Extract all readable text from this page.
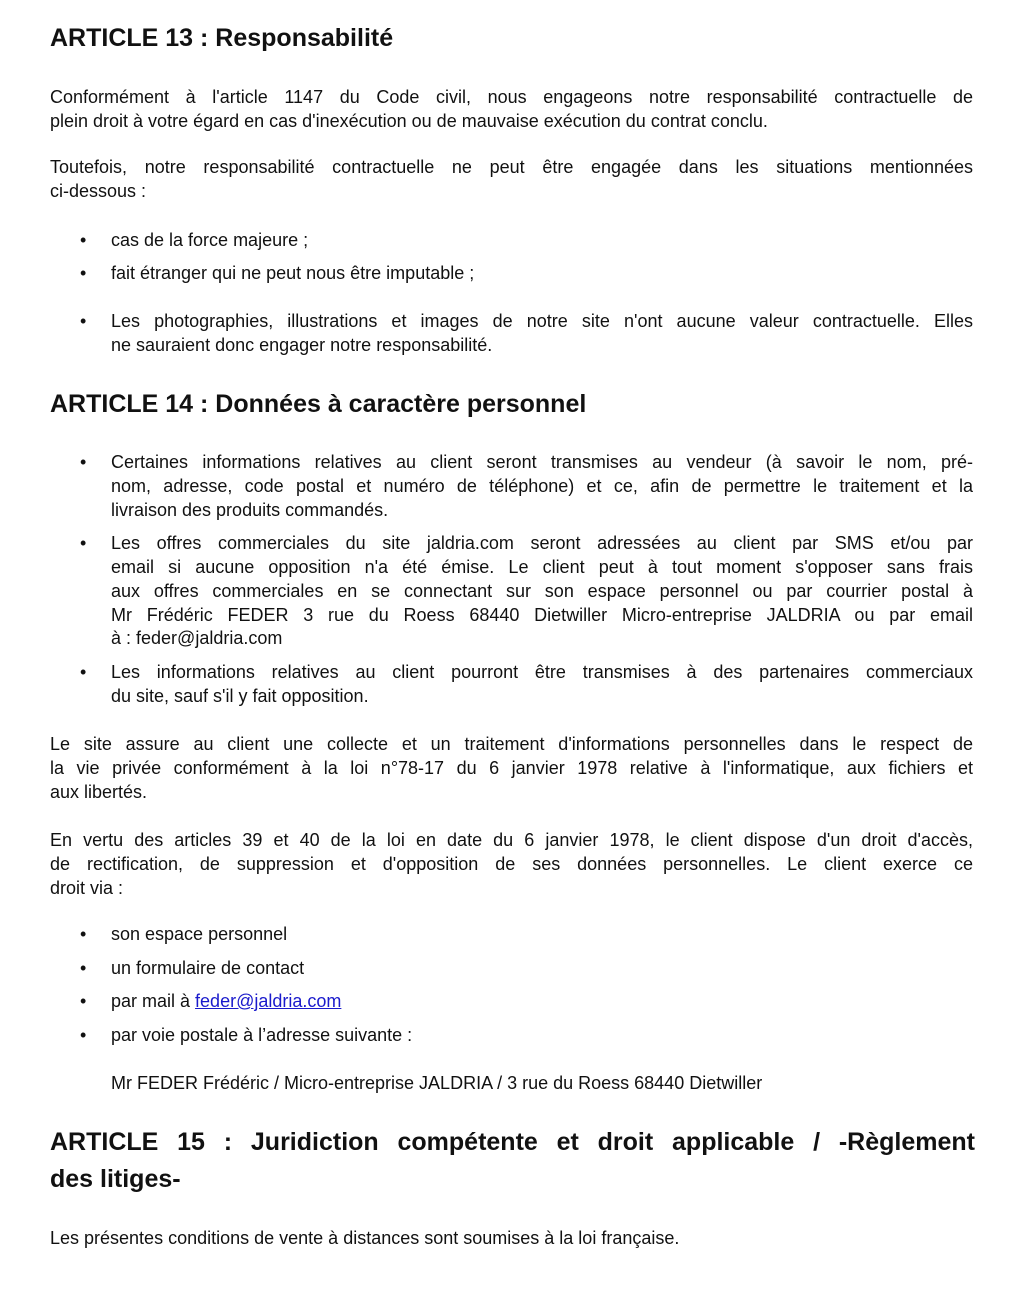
ARTICLE 13 : Responsabilité
Conformément à l'article 1147 du Code civil, nous engageons notre responsabilité contractuelle de
plein droit à votre égard en cas d'inexécution ou de mauvaise exécution du contrat conclu.
Toutefois, notre responsabilité contractuelle ne peut être engagée dans les situations mentionnées
ci-dessous :
• cas de la force majeure ;
• fait étranger qui ne peut nous être imputable ;
• Les photographies, illustrations et images de notre site n'ont aucune valeur contractuelle. Elles
ne sauraient donc engager notre responsabilité.
ARTICLE 14 : Données à caractère personnel
• Certaines informations relatives au client seront transmises au vendeur (à savoir le nom, pré-
nom, adresse, code postal et numéro de téléphone) et ce, afin de permettre le traitement et la
livraison des produits commandés.
• Les offres commerciales du site jaldria.com seront adressées au client par SMS et/ou par
email si aucune opposition n'a été émise. Le client peut à tout moment s'opposer sans frais
aux offres commerciales en se connectant sur son espace personnel ou par courrier postal à
Mr Frédéric FEDER 3 rue du Roess 68440 Dietwiller Micro-entreprise JALDRIA ou par email
à : feder@jaldria.com
• Les informations relatives au client pourront être transmises à des partenaires commerciaux
du site, sauf s'il y fait opposition.
Le site assure au client une collecte et un traitement d'informations personnelles dans le respect de
la vie privée conformément à la loi n°78-17 du 6 janvier 1978 relative à l'informatique, aux fichiers et
aux libertés.
En vertu des articles 39 et 40 de la loi en date du 6 janvier 1978, le client dispose d'un droit d'accès,
de rectification, de suppression et d'opposition de ses données personnelles. Le client exerce ce
droit via :
• son espace personnel
• un formulaire de contact
• par mail à feder@jaldria.com
• par voie postale à l’adresse suivante :
Mr FEDER Frédéric / Micro-entreprise JALDRIA / 3 rue du Roess 68440 Dietwiller
ARTICLE 15 : Juridiction compétente et droit applicable / -Règlement
des litiges-
Les présentes conditions de vente à distances sont soumises à la loi française.
